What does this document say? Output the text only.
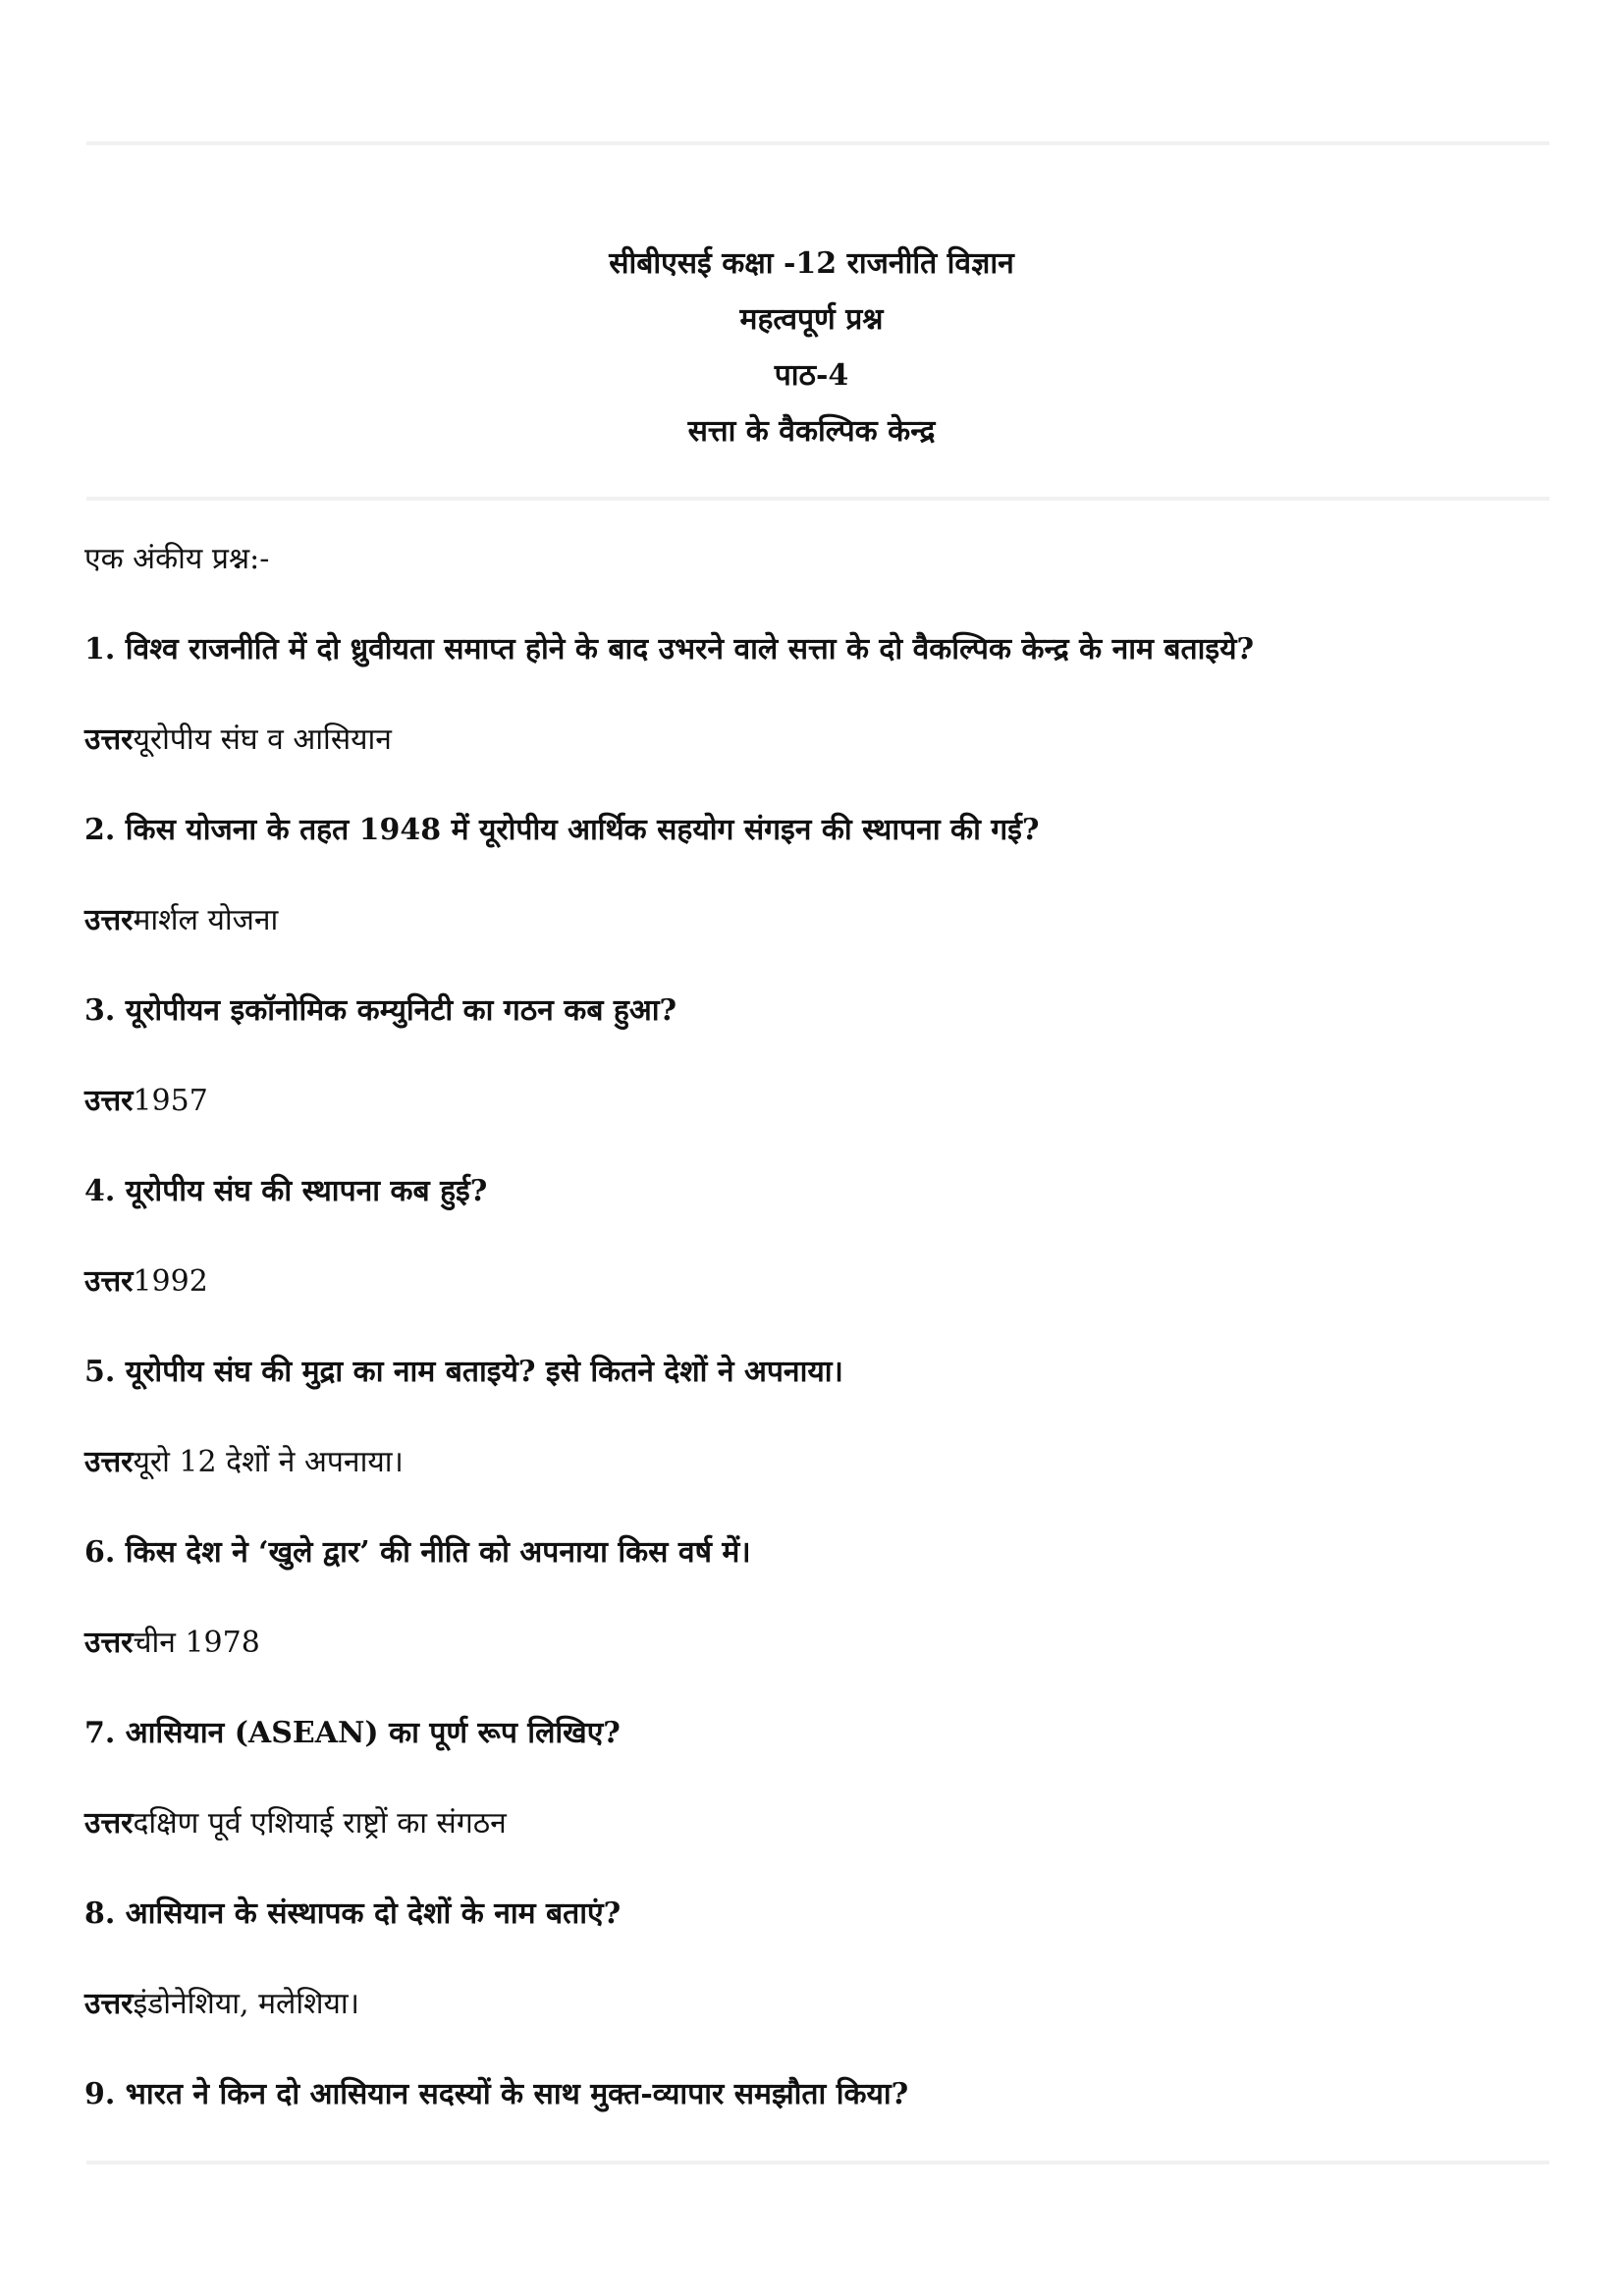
सीबीएसई कक्षा -12 राजनीति विज्ञान
महत्वपूर्ण प्रश्न
पाठ-4
सत्ता के वैकल्पिक केन्द्र
एक अंकीय प्रश्न:-
1. विश्व राजनीति में दो ध्रुवीयता समाप्त होने के बाद उभरने वाले सत्ता के दो वैकल्पिक केन्द्र के नाम बताइये?
उत्तरयूरोपीय संघ व आसियान
2. किस योजना के तहत 1948 में यूरोपीय आर्थिक सहयोग संगइन की स्थापना की गई?
उत्तरमार्शल योजना
3. यूरोपीयन इकॉनोमिक कम्युनिटी का गठन कब हुआ?
उत्तर1957
4. यूरोपीय संघ की स्थापना कब हुई?
उत्तर1992
5. यूरोपीय संघ की मुद्रा का नाम बताइये? इसे कितने देशों ने अपनाया।
उत्तरयूरो 12 देशों ने अपनाया।
6. किस देश ने ‘खुले द्वार’ की नीति को अपनाया किस वर्ष में।
उत्तरचीन 1978
7. आसियान (ASEAN) का पूर्ण रूप लिखिए?
उत्तरदक्षिण पूर्व एशियाई राष्ट्रों का संगठन
8. आसियान के संस्थापक दो देशों के नाम बताएं?
उत्तरइंडोनेशिया, मलेशिया।
9. भारत ने किन दो आसियान सदस्यों के साथ मुक्त-व्यापार समझौता किया?
